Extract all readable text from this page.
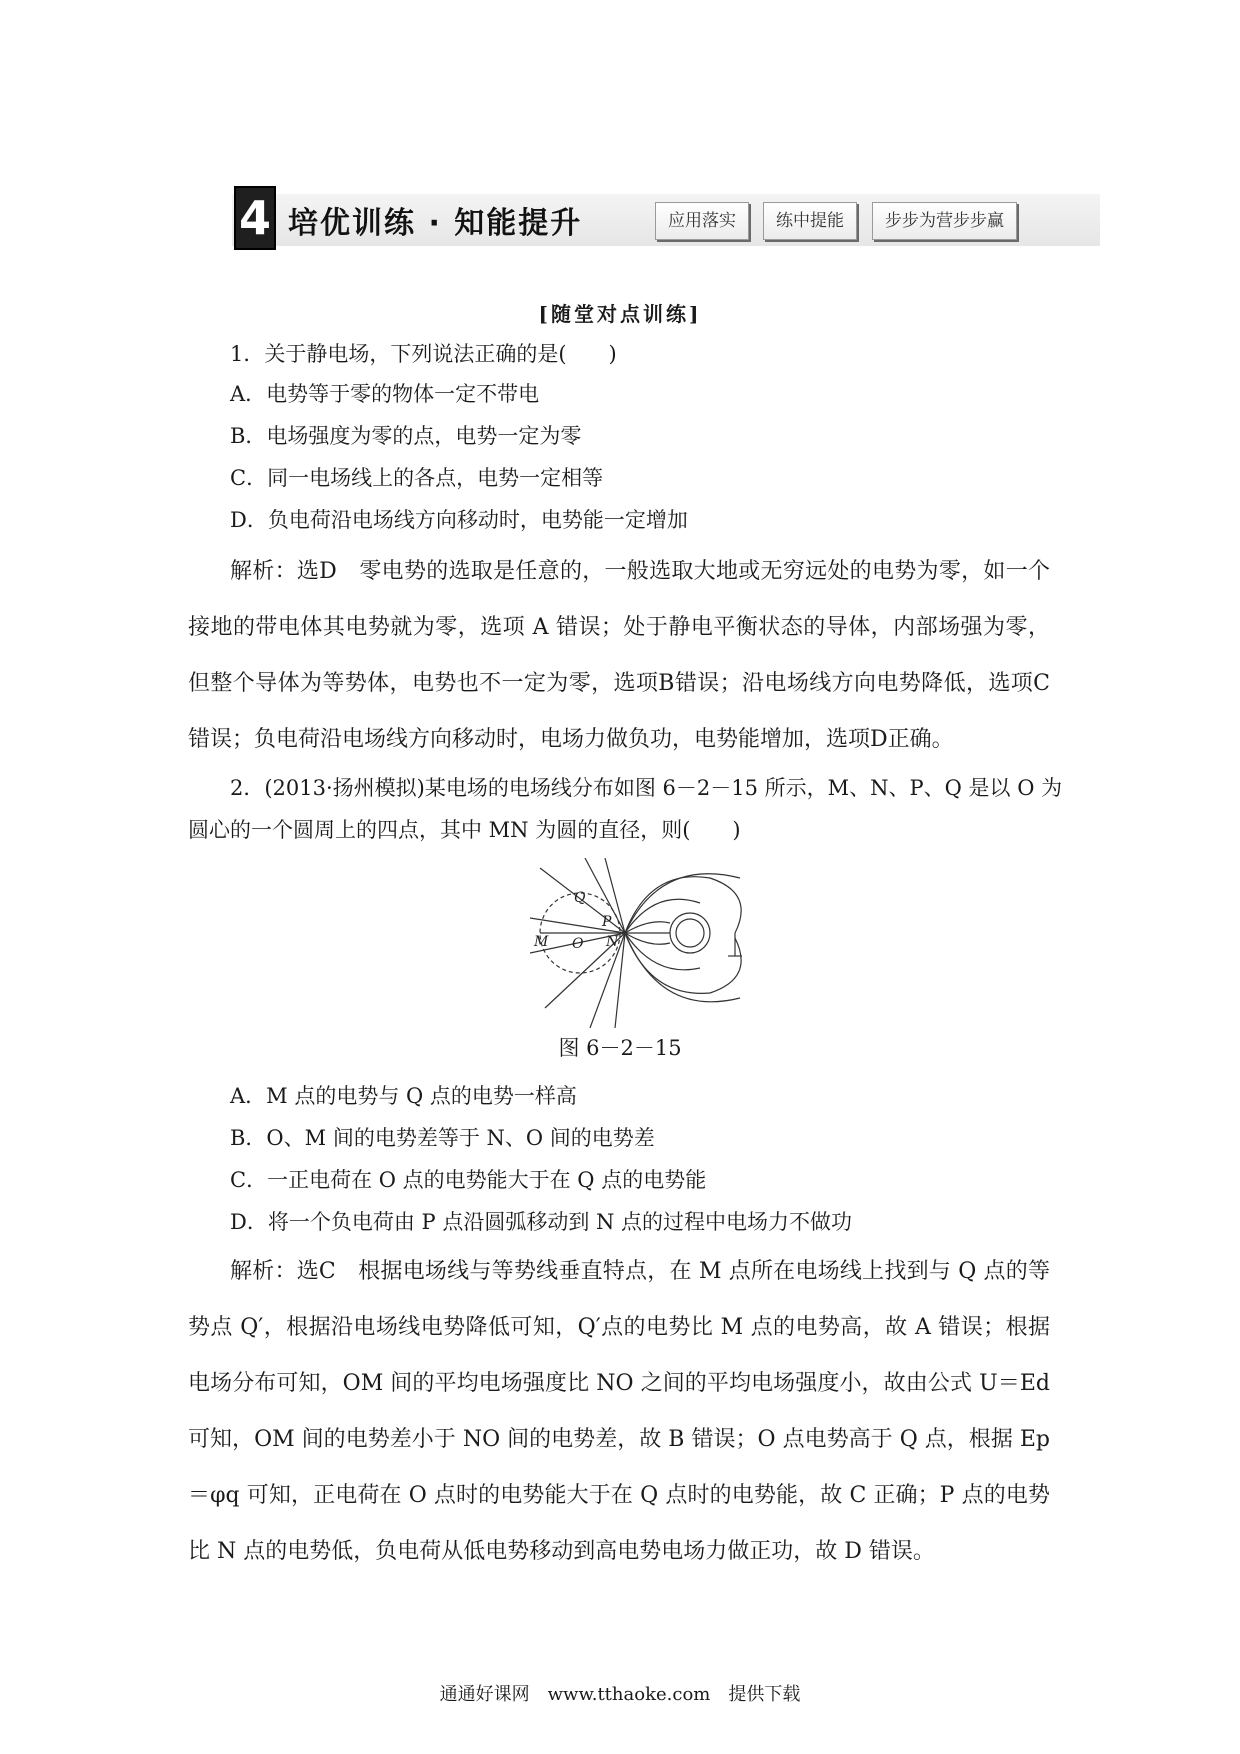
4 培优训练 · 知能提升	应用落实	练中提能	步步为营步步赢
[随堂对点训练]
1．关于静电场，下列说法正确的是(　　)
A．电势等于零的物体一定不带电
B．电场强度为零的点，电势一定为零
C．同一电场线上的各点，电势一定相等
D．负电荷沿电场线方向移动时，电势能一定增加
解析：选D　零电势的选取是任意的，一般选取大地或无穷远处的电势为零，如一个接地的带电体其电势就为零，选项 A 错误；处于静电平衡状态的导体，内部场强为零，但整个导体为等势体，电势也不一定为零，选项B错误；沿电场线方向电势降低，选项C错误；负电荷沿电场线方向移动时，电场力做负功，电势能增加，选项D正确。
2．(2013·扬州模拟)某电场的电场线分布如图 6－2－15 所示，M、N、P、Q 是以 O 为
圆心的一个圆周上的四点，其中 MN 为圆的直径，则(　　)
Q
P
M O N
图 6－2－15
A．M 点的电势与 Q 点的电势一样高
B．O、M 间的电势差等于 N、O 间的电势差
C．一正电荷在 O 点的电势能大于在 Q 点的电势能
D．将一个负电荷由 P 点沿圆弧移动到 N 点的过程中电场力不做功
解析：选C　根据电场线与等势线垂直特点，在 M 点所在电场线上找到与 Q 点的等势点 Q′，根据沿电场线电势降低可知，Q′点的电势比 M 点的电势高，故 A 错误；根据电场分布可知，OM 间的平均电场强度比 NO 之间的平均电场强度小，故由公式 U＝Ed 可知，OM 间的电势差小于 NO 间的电势差，故 B 错误；O 点电势高于 Q 点，根据 Ep＝φq 可知，正电荷在 O 点时的电势能大于在 Q 点时的电势能，故 C 正确；P 点的电势比 N 点的电势低，负电荷从低电势移动到高电势电场力做正功，故 D 错误。
通通好课网　www.tthaoke.com　提供下载
